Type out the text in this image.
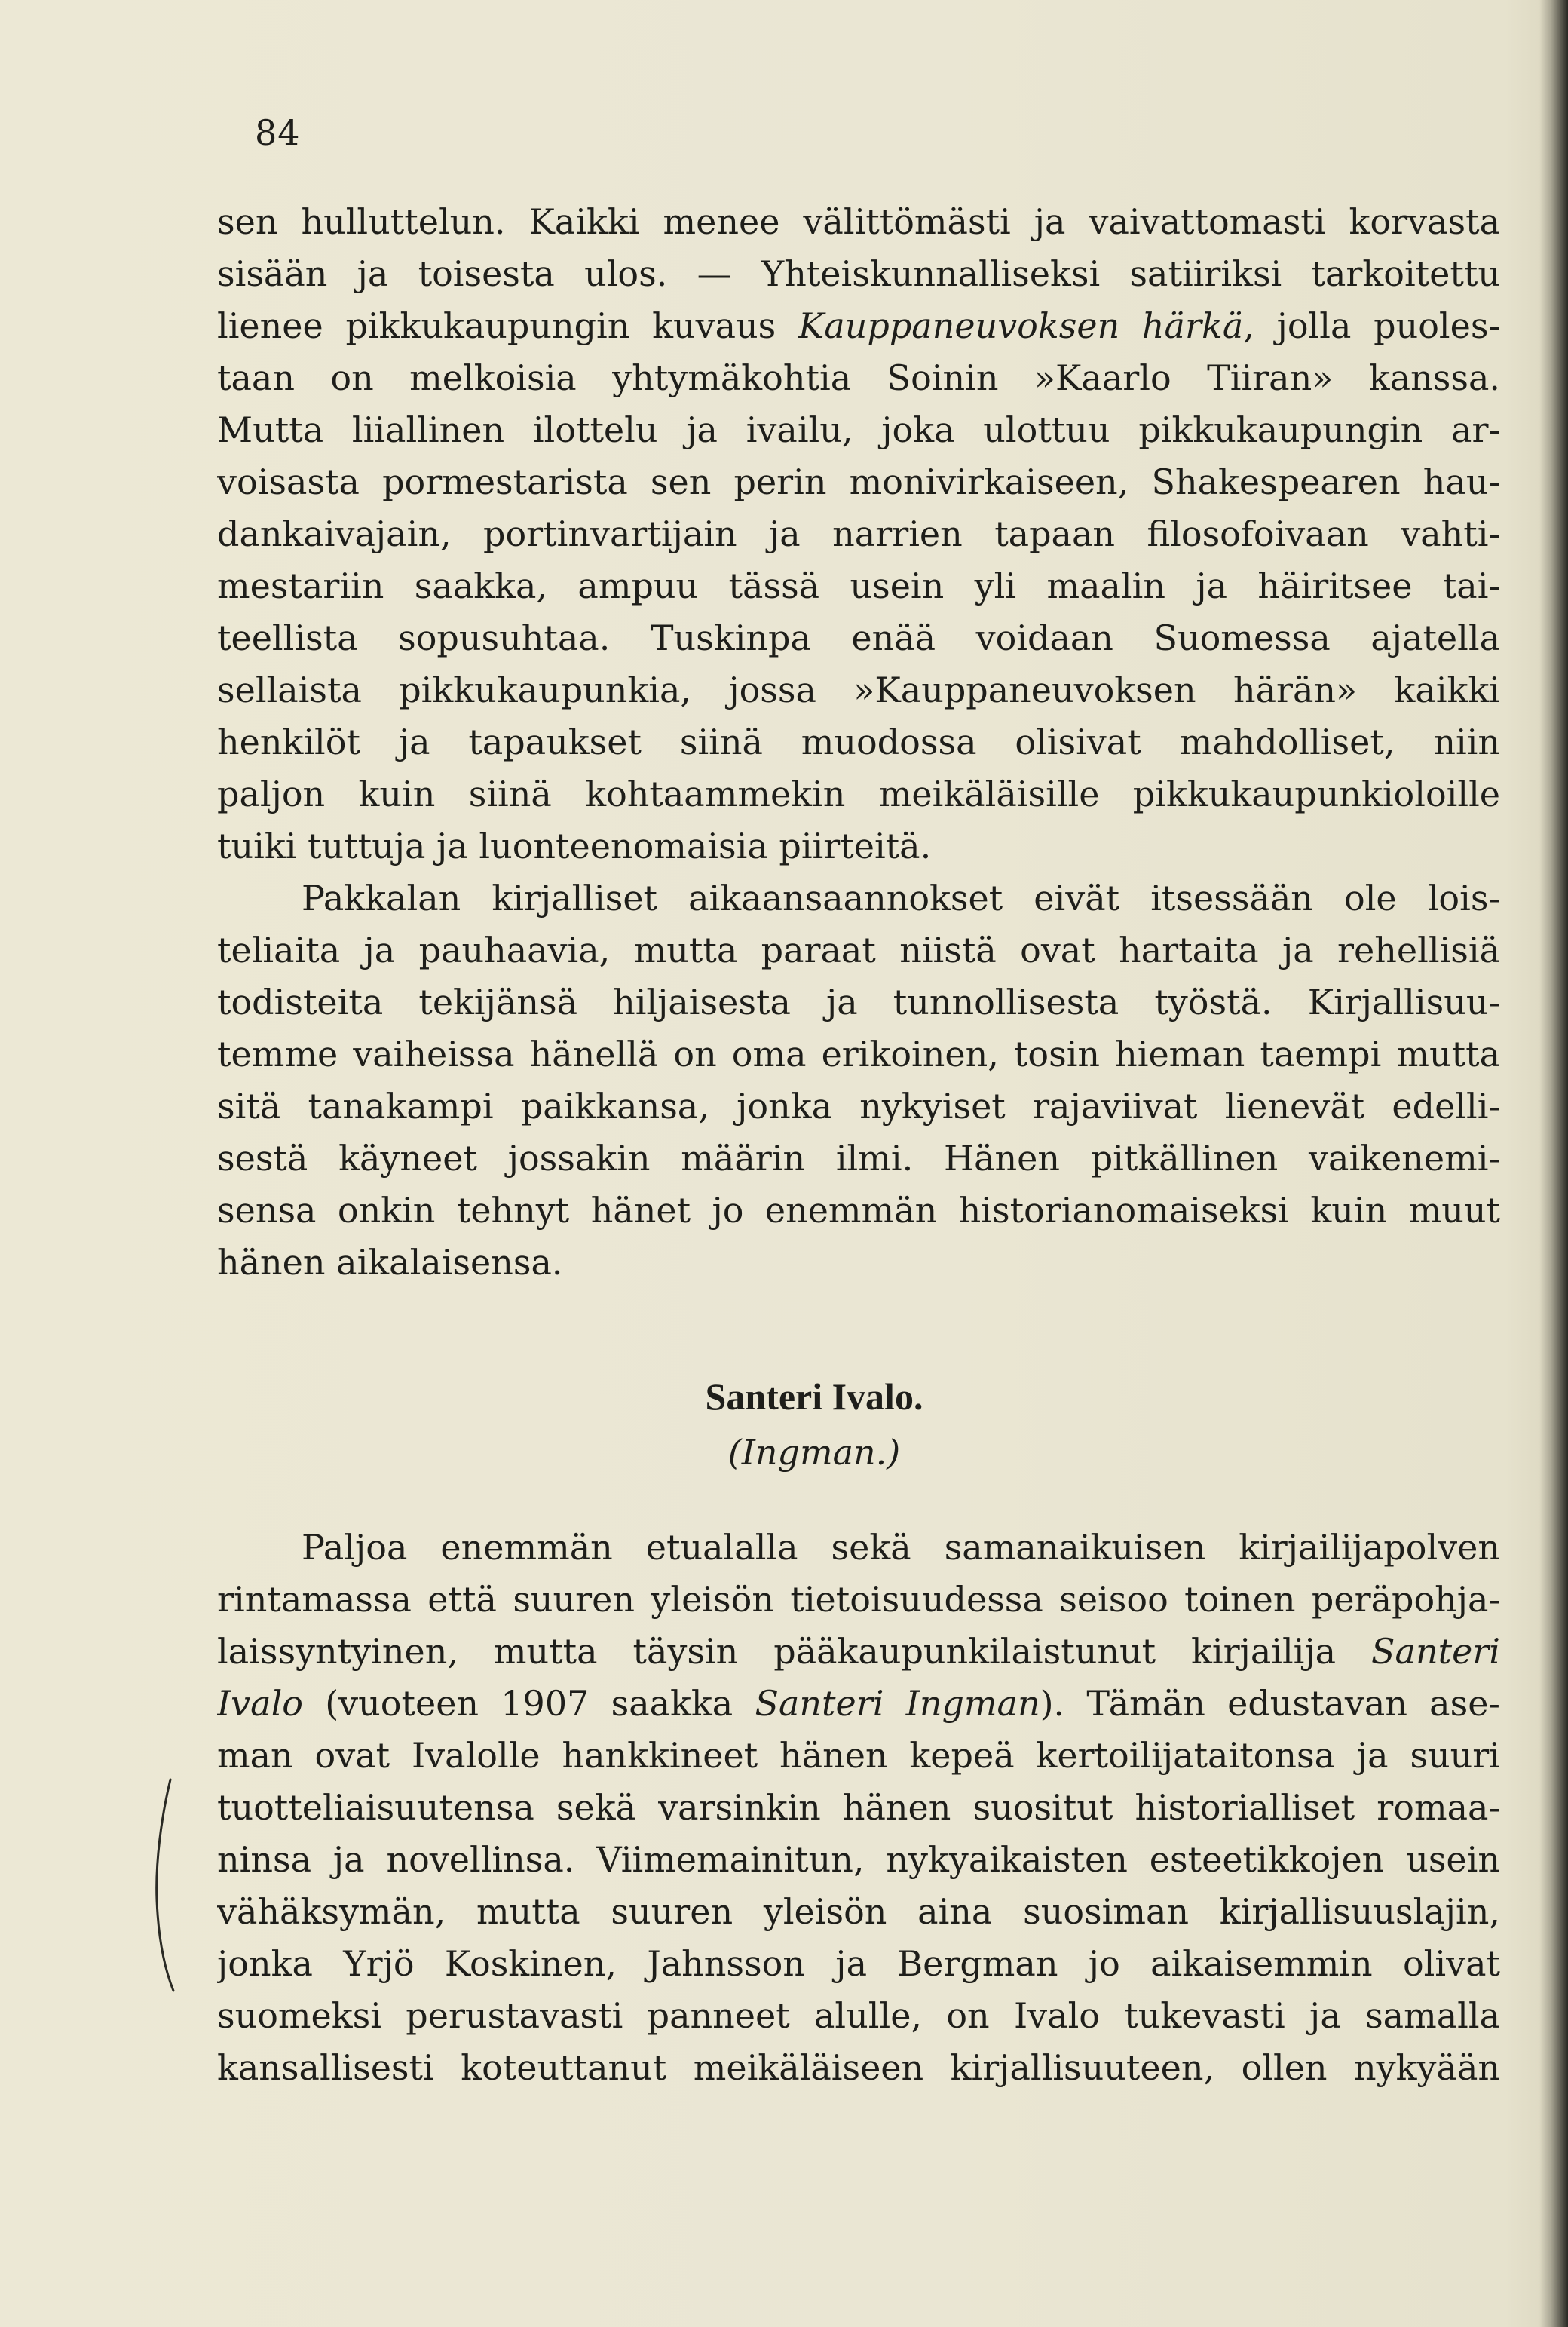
84
sen hulluttelun. Kaikki menee välittömästi ja vaivattomasti korvasta
sisään ja toisesta ulos. — Yhteiskunnalliseksi satiiriksi tarkoitettu
lienee pikkukaupungin kuvaus Kauppaneuvoksen härkä, jolla puoles-
taan on melkoisia yhtymäkohtia Soinin »Kaarlo Tiiran» kanssa.
Mutta liiallinen ilottelu ja ivailu, joka ulottuu pikkukaupungin ar-
voisasta pormestarista sen perin monivirkaiseen, Shakespearen hau-
dankaivajain, portinvartijain ja narrien tapaan filosofoivaan vahti-
mestariin saakka, ampuu tässä usein yli maalin ja häiritsee tai-
teellista sopusuhtaa. Tuskinpa enää voidaan Suomessa ajatella
sellaista pikkukaupunkia, jossa »Kauppaneuvoksen härän» kaikki
henkilöt ja tapaukset siinä muodossa olisivat mahdolliset, niin
paljon kuin siinä kohtaammekin meikäläisille pikkukaupunkioloille
tuiki tuttuja ja luonteenomaisia piirteitä.
Pakkalan kirjalliset aikaansaannokset eivät itsessään ole lois-
teliaita ja pauhaavia, mutta paraat niistä ovat hartaita ja rehellisiä
todisteita tekijänsä hiljaisesta ja tunnollisesta työstä. Kirjallisuu-
temme vaiheissa hänellä on oma erikoinen, tosin hieman taempi mutta
sitä tanakampi paikkansa, jonka nykyiset rajaviivat lienevät edelli-
sestä käyneet jossakin määrin ilmi. Hänen pitkällinen vaikenemi-
sensa onkin tehnyt hänet jo enemmän historianomaiseksi kuin muut
hänen aikalaisensa.
Santeri Ivalo.
(Ingman.)
Paljoa enemmän etualalla sekä samanaikuisen kirjailijapolven
rintamassa että suuren yleisön tietoisuudessa seisoo toinen peräpohja-
laissyntyinen, mutta täysin pääkaupunkilaistunut kirjailija Santeri
Ivalo (vuoteen 1907 saakka Santeri Ingman). Tämän edustavan ase-
man ovat Ivalolle hankkineet hänen kepeä kertoilijataitonsa ja suuri
tuotteliaisuutensa sekä varsinkin hänen suositut historialliset romaa-
ninsa ja novellinsa. Viimemainitun, nykyaikaisten esteetikkojen usein
vähäksymän, mutta suuren yleisön aina suosiman kirjallisuuslajin,
jonka Yrjö Koskinen, Jahnsson ja Bergman jo aikaisemmin olivat
suomeksi perustavasti panneet alulle, on Ivalo tukevasti ja samalla
kansallisesti koteuttanut meikäläiseen kirjallisuuteen, ollen nykyään
